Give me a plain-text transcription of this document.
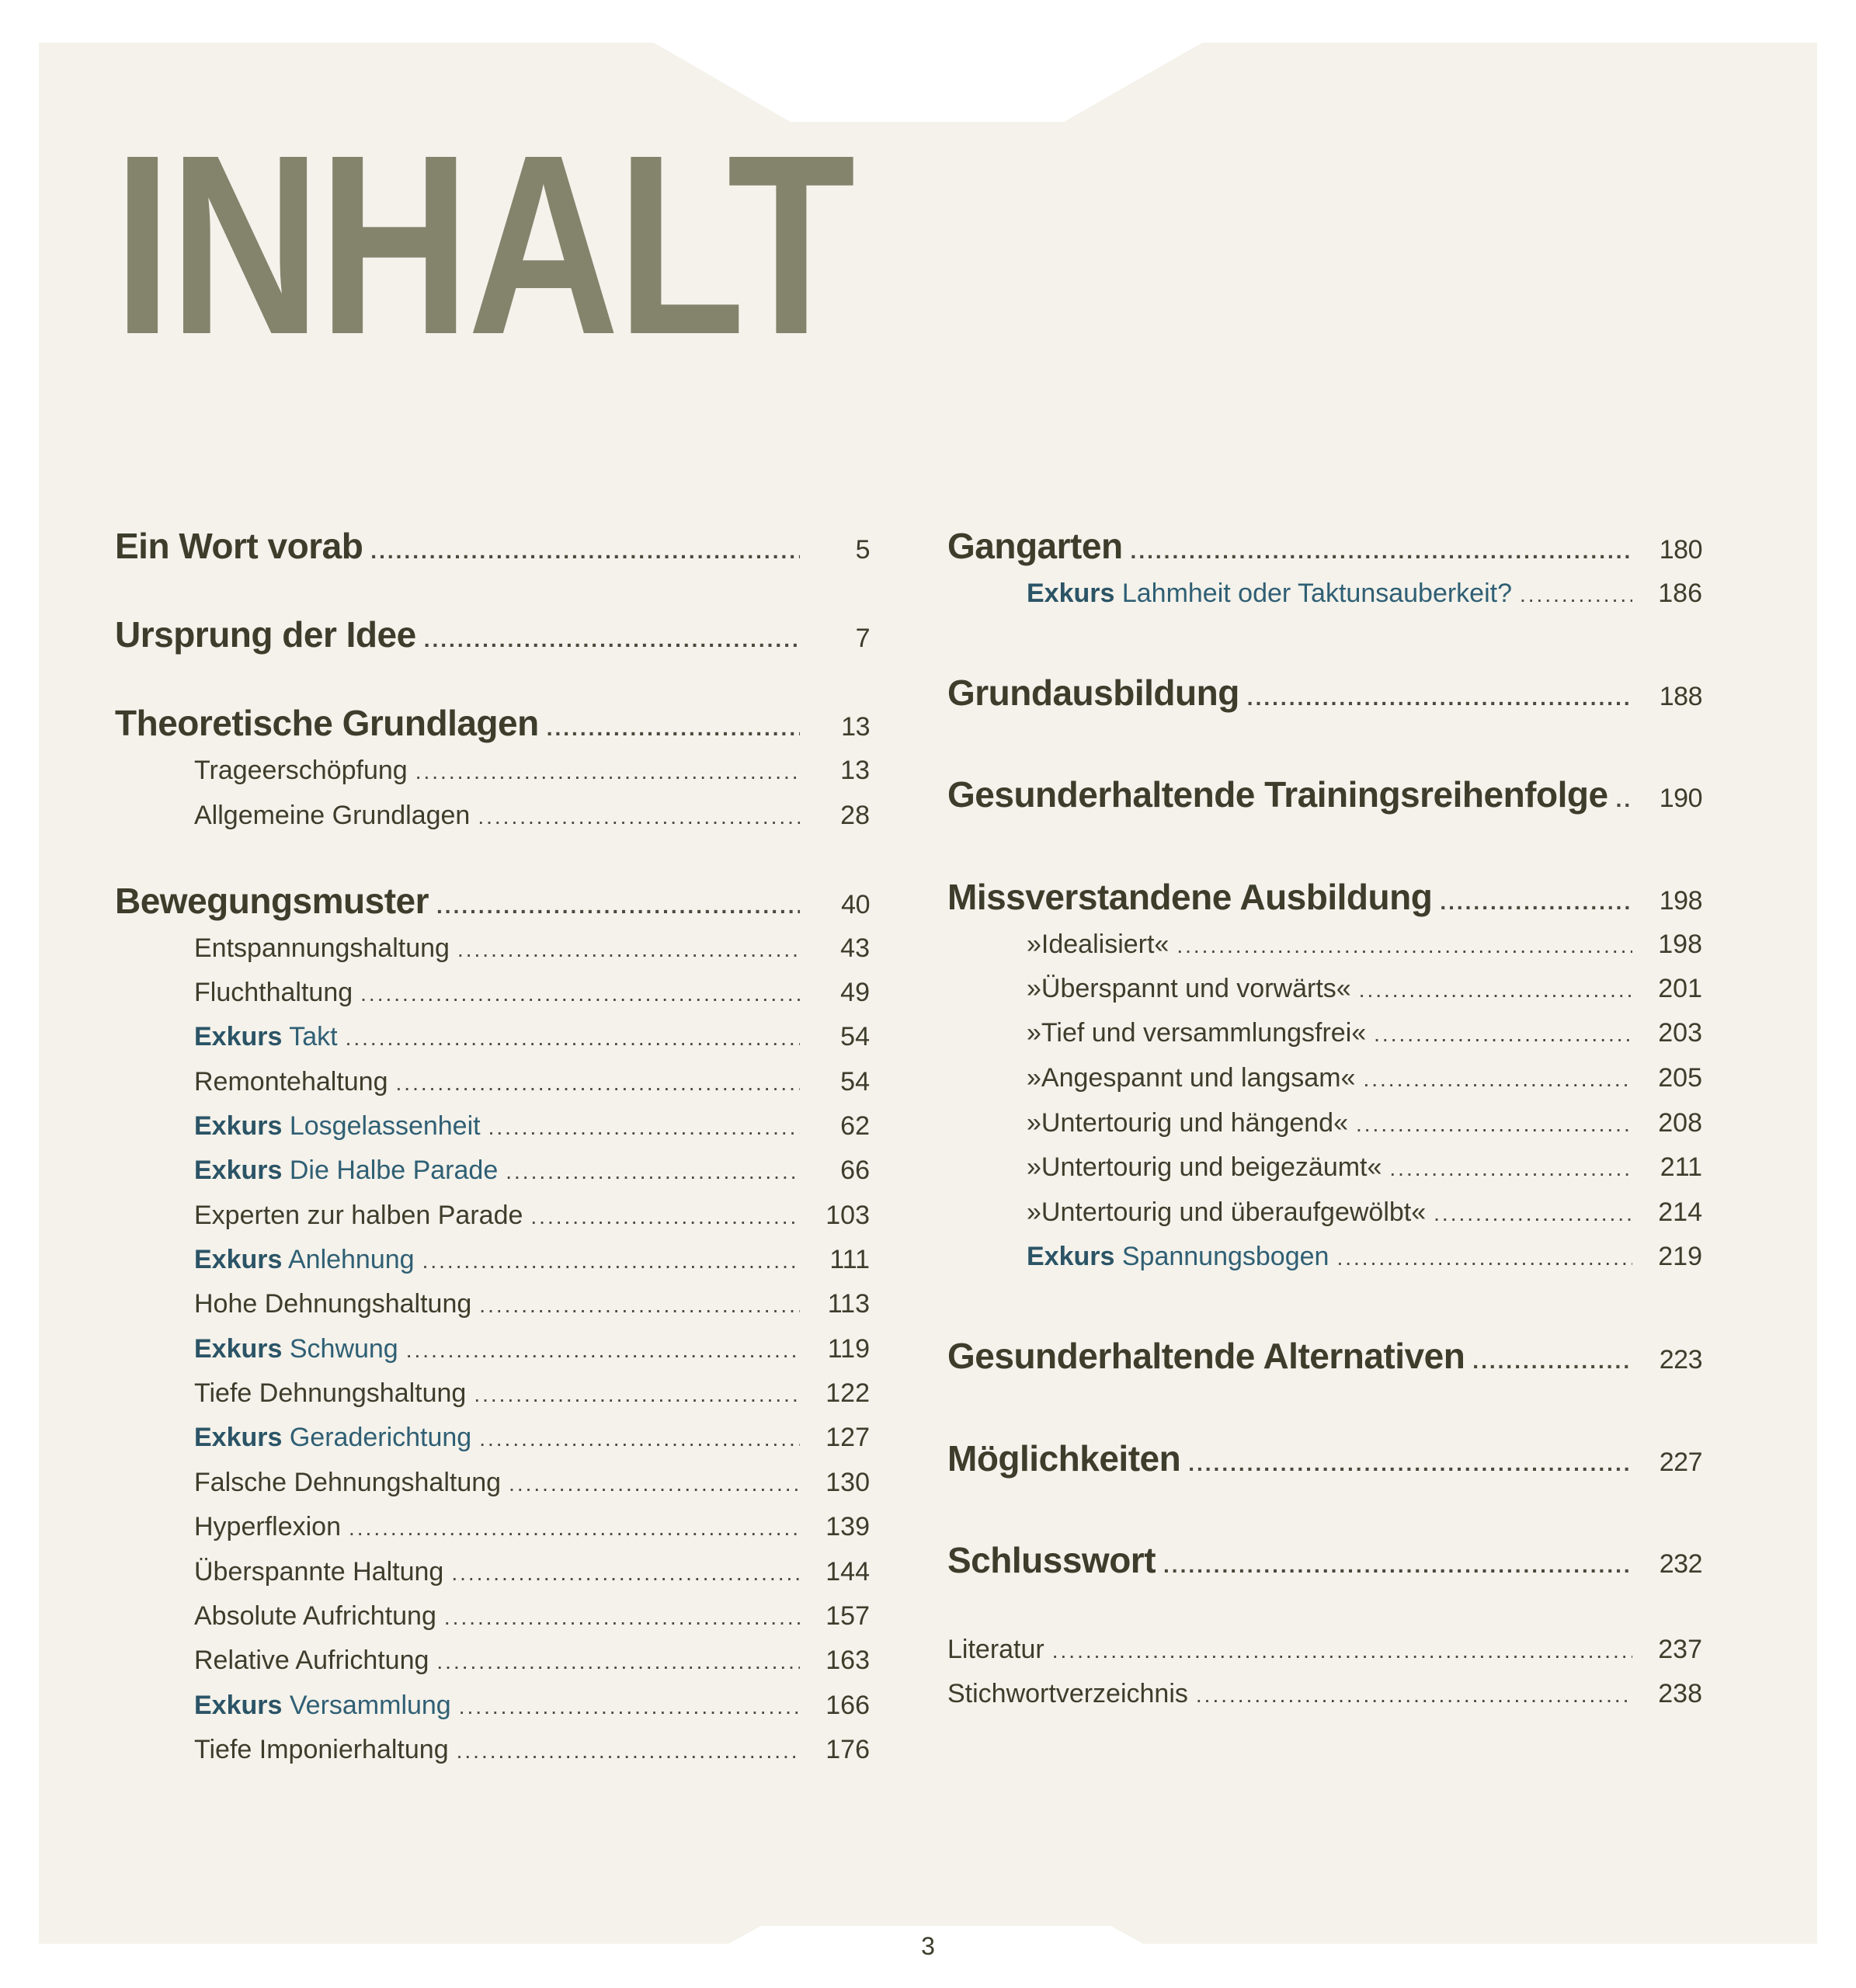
INHALT
Ein Wort vorab .....	5
Ursprung der Idee .....	7
Theoretische Grundlagen .....	13
Trageerschöpfung .....	13
Allgemeine Grundlagen .....	28
Bewegungsmuster .....	40
Entspannungshaltung .....	43
Fluchthaltung .....	49
Exkurs Takt .....	54
Remontehaltung .....	54
Exkurs Losgelassenheit .....	62
Exkurs Die Halbe Parade .....	66
Experten zur halben Parade .....	103
Exkurs Anlehnung .....	111
Hohe Dehnungshaltung .....	113
Exkurs Schwung .....	119
Tiefe Dehnungshaltung .....	122
Exkurs Geraderichtung .....	127
Falsche Dehnungshaltung .....	130
Hyperflexion .....	139
Überspannte Haltung .....	144
Absolute Aufrichtung .....	157
Relative Aufrichtung .....	163
Exkurs Versammlung .....	166
Tiefe Imponierhaltung .....	176
Gangarten .....	180
Exkurs Lahmheit oder Taktunsauberkeit? .....	186
Grundausbildung .....	188
Gesunderhaltende Trainingsreihenfolge .....	190
Missverstandene Ausbildung .....	198
»Idealisiert« .....	198
»Überspannt und vorwärts« .....	201
»Tief und versammlungsfrei« .....	203
»Angespannt und langsam« .....	205
»Untertourig und hängend« .....	208
»Untertourig und beigezäumt« .....	211
»Untertourig und überaufgewölbt« .....	214
Exkurs Spannungsbogen .....	219
Gesunderhaltende Alternativen .....	223
Möglichkeiten .....	227
Schlusswort .....	232
Literatur .....	237
Stichwortverzeichnis .....	238
3
